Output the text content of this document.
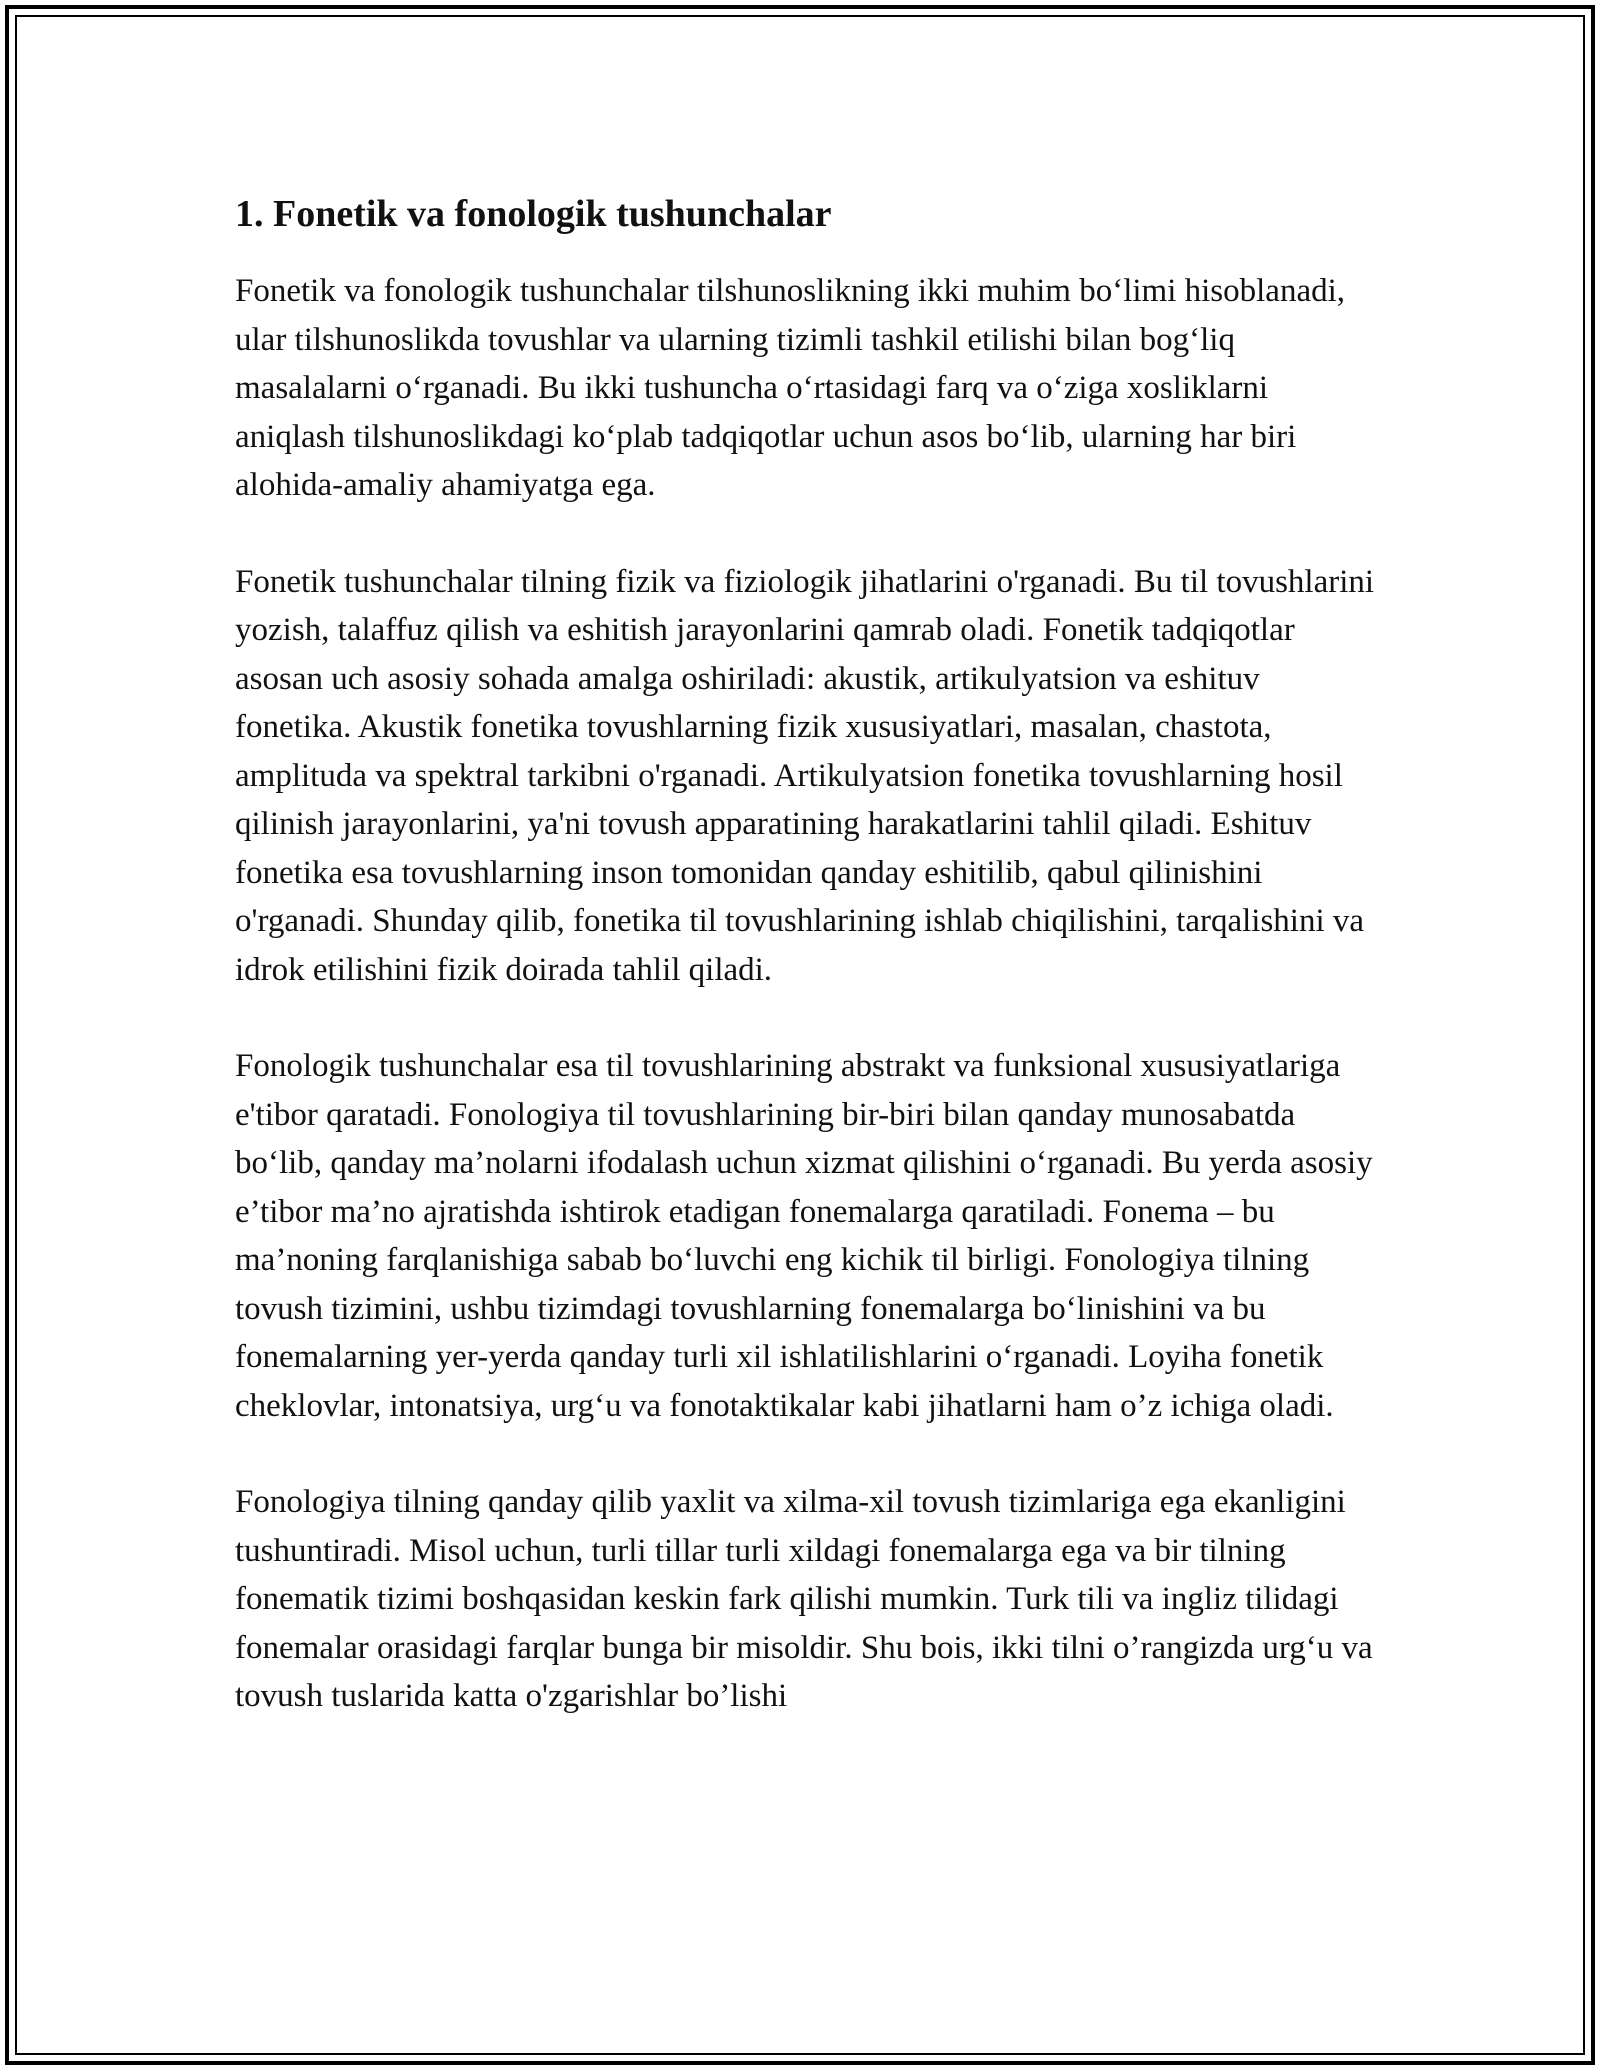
1. Fonetik va fonologik tushunchalar

Fonetik va fonologik tushunchalar tilshunoslikning ikki muhim bo‘limi hisoblanadi, ular tilshunoslikda tovushlar va ularning tizimli tashkil etilishi bilan bog‘liq masalalarni o‘rganadi. Bu ikki tushuncha o‘rtasidagi farq va o‘ziga xosliklarni aniqlash tilshunoslikdagi ko‘plab tadqiqotlar uchun asos bo‘lib, ularning har biri alohida-amaliy ahamiyatga ega.

Fonetik tushunchalar tilning fizik va fiziologik jihatlarini o'rganadi. Bu til tovushlarini yozish, talaffuz qilish va eshitish jarayonlarini qamrab oladi. Fonetik tadqiqotlar asosan uch asosiy sohada amalga oshiriladi: akustik, artikulyatsion va eshituv fonetika. Akustik fonetika tovushlarning fizik xususiyatlari, masalan, chastota, amplituda va spektral tarkibni o'rganadi. Artikulyatsion fonetika tovushlarning hosil qilinish jarayonlarini, ya'ni tovush apparatining harakatlarini tahlil qiladi. Eshituv fonetika esa tovushlarning inson tomonidan qanday eshitilib, qabul qilinishini o'rganadi. Shunday qilib, fonetika til tovushlarining ishlab chiqilishini, tarqalishini va idrok etilishini fizik doirada tahlil qiladi.

Fonologik tushunchalar esa til tovushlarining abstrakt va funksional xususiyatlariga e'tibor qaratadi. Fonologiya til tovushlarining bir-biri bilan qanday munosabatda bo‘lib, qanday ma’nolarni ifodalash uchun xizmat qilishini o‘rganadi. Bu yerda asosiy e’tibor ma’no ajratishda ishtirok etadigan fonemalarga qaratiladi. Fonema – bu ma’noning farqlanishiga sabab bo‘luvchi eng kichik til birligi. Fonologiya tilning tovush tizimini, ushbu tizimdagi tovushlarning fonemalarga bo‘linishini va bu fonemalarning yer-yerda qanday turli xil ishlatilishlarini o‘rganadi. Loyiha fonetik cheklovlar, intonatsiya, urg‘u va fonotaktikalar kabi jihatlarni ham o’z ichiga oladi.

Fonologiya tilning qanday qilib yaxlit va xilma-xil tovush tizimlariga ega ekanligini tushuntiradi. Misol uchun, turli tillar turli xildagi fonemalarga ega va bir tilning fonematik tizimi boshqasidan keskin fark qilishi mumkin. Turk tili va ingliz tilidagi fonemalar orasidagi farqlar bunga bir misoldir. Shu bois, ikki tilni o’rangizda urg‘u va tovush tuslarida katta o'zgarishlar bo’lishi
